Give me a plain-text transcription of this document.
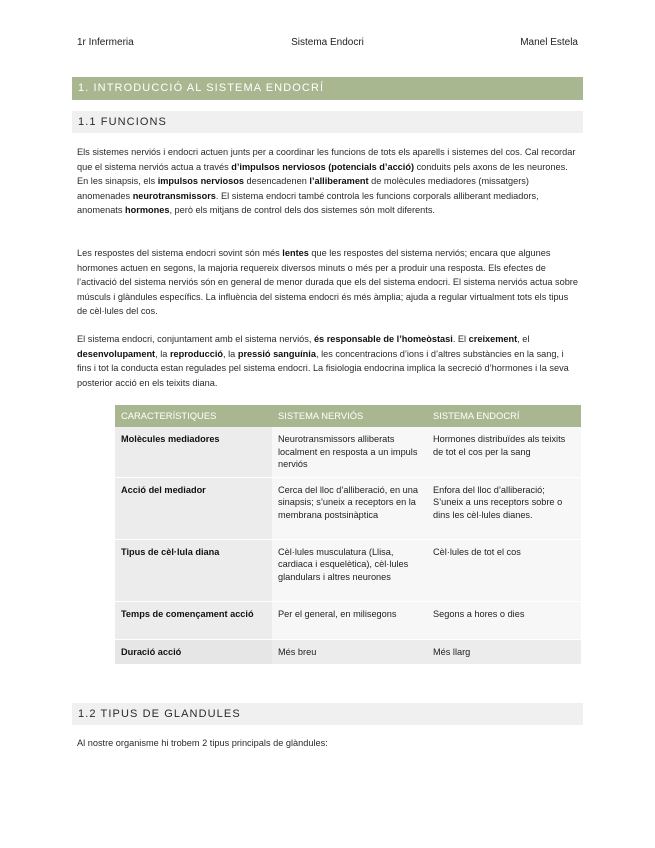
1r Infermeria	Sistema Endocri	Manel Estela
1. INTRODUCCIÓ AL SISTEMA ENDOCRÍ
1.1 FUNCIONS

Els sistemes nerviós i endocri actuen junts per a coordinar les funcions de tots els aparells i sistemes del cos. Cal recordar que el sistema nerviós actua a través d’impulsos nerviosos (potencials d’acció) conduits pels axons de les neurones. En les sinapsis, els impulsos nerviosos desencadenen l’alliberament de molècules mediadores (missatgers) anomenades neurotransmissors. El sistema endocri també controla les funcions corporals alliberant mediadors, anomenats hormones, però els mitjans de control dels dos sistemes són molt diferents.

Les respostes del sistema endocri sovint són més lentes que les respostes del sistema nerviós; encara que algunes hormones actuen en segons, la majoria requereix diversos minuts o més per a produir una resposta. Els efectes de l’activació del sistema nerviós són en general de menor durada que els del sistema endocri. El sistema nerviós actua sobre músculs i glàndules específics. La influència del sistema endocri és més àmplia; ajuda a regular virtualment tots els tipus de cèl·lules del cos.

El sistema endocri, conjuntament amb el sistema nerviós, és responsable de l’homeòstasi. El creixement, el desenvolupament, la reproducció, la pressió sanguínia, les concentracions d’ions i d’altres substàncies en la sang, i fins i tot la conducta estan regulades pel sistema endocri. La fisiologia endocrina implica la secreció d’hormones i la seva posterior acció en els teixits diana.

CARACTERÍSTIQUES	SISTEMA NERVIÓS	SISTEMA ENDOCRÍ
Molècules mediadores	Neurotransmissors alliberats localment en resposta a un impuls nerviós	Hormones distribuïdes als teixits de tot el cos per la sang
Acció del mediador	Cerca del lloc d’alliberació, en una sinapsis; s’uneix a receptors en la membrana postsinàptica	Enfora del lloc d’alliberació; S’uneix a uns receptors sobre o dins les cèl·lules dianes.
Tipus de cèl·lula diana	Cèl·lules musculatura (Llisa, cardiaca i esquelètica), cèl·lules glandulars i altres neurones	Cèl·lules de tot el cos
Temps de començament acció	Per el general, en milisegons	Segons a hores o dies
Duració acció	Més breu	Més llarg
1.2 TIPUS DE GLANDULES

Al nostre organisme hi trobem 2 tipus principals de glàndules:
